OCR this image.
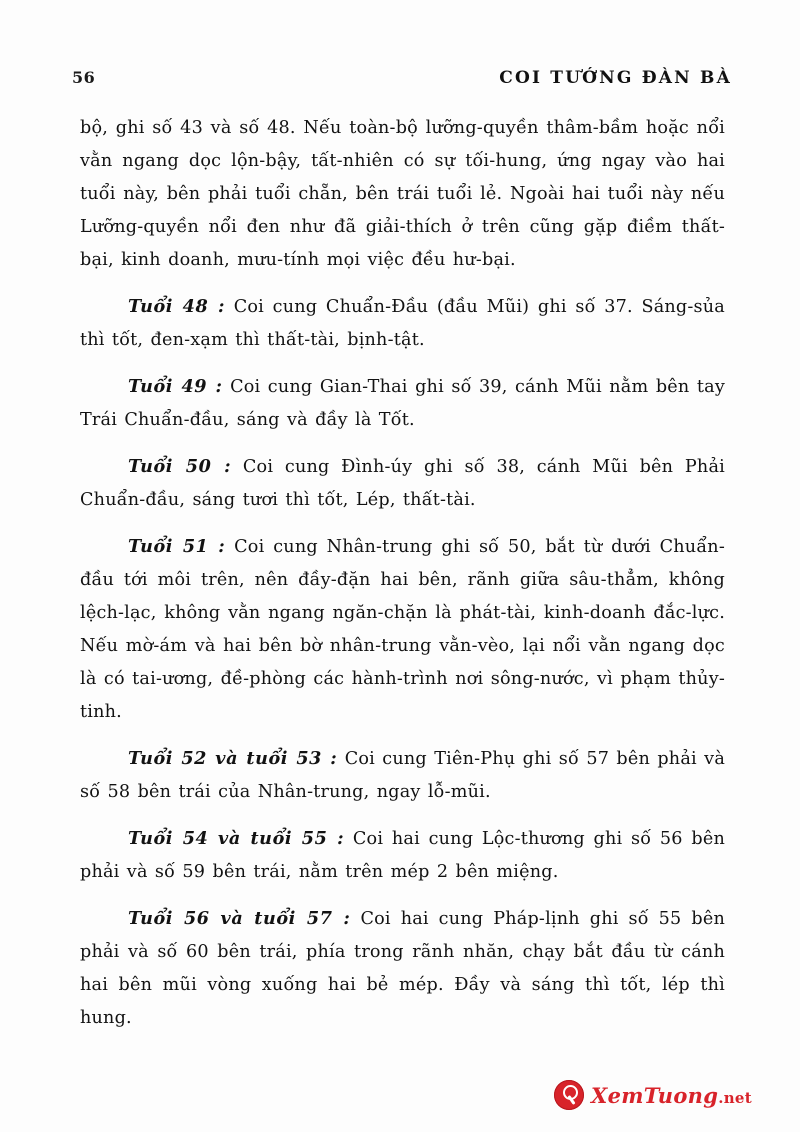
56	COI TƯỚNG ĐÀN BÀ

bộ, ghi số 43 và số 48. Nếu toàn-bộ lưỡng-quyền thâm-bầm hoặc nổi vằn ngang dọc lộn-bậy, tất-nhiên có sự tối-hung, ứng ngay vào hai tuổi này, bên phải tuổi chẵn, bên trái tuổi lẻ. Ngoài hai tuổi này nếu Lưỡng-quyền nổi đen như đã giải-thích ở trên cũng gặp điềm thất-bại, kinh doanh, mưu-tính mọi việc đều hư-bại.

Tuổi 48 : Coi cung Chuẩn-Đầu (đầu Mũi) ghi số 37. Sáng-sủa thì tốt, đen-xạm thì thất-tài, bịnh-tật.

Tuổi 49 : Coi cung Gian-Thai ghi số 39, cánh Mũi nằm bên tay Trái Chuẩn-đầu, sáng và đầy là Tốt.

Tuổi 50 : Coi cung Đình-úy ghi số 38, cánh Mũi bên Phải Chuẩn-đầu, sáng tươi thì tốt, Lép, thất-tài.

Tuổi 51 : Coi cung Nhân-trung ghi số 50, bắt từ dưới Chuẩn-đầu tới môi trên, nên đầy-đặn hai bên, rãnh giữa sâu-thẳm, không lệch-lạc, không vằn ngang ngăn-chặn là phát-tài, kinh-doanh đắc-lực. Nếu mờ-ám và hai bên bờ nhân-trung vằn-vèo, lại nổi vằn ngang dọc là có tai-ương, đề-phòng các hành-trình nơi sông-nước, vì phạm thủy-tinh.

Tuổi 52 và tuổi 53 : Coi cung Tiên-Phụ ghi số 57 bên phải và số 58 bên trái của Nhân-trung, ngay lỗ-mũi.

Tuổi 54 và tuổi 55 : Coi hai cung Lộc-thương ghi số 56 bên phải và số 59 bên trái, nằm trên mép 2 bên miệng.

Tuổi 56 và tuổi 57 : Coi hai cung Pháp-lịnh ghi số 55 bên phải và số 60 bên trái, phía trong rãnh nhăn, chạy bắt đầu từ cánh hai bên mũi vòng xuống hai bẻ mép. Đầy và sáng thì tốt, lép thì hung.

XemTuong.net
